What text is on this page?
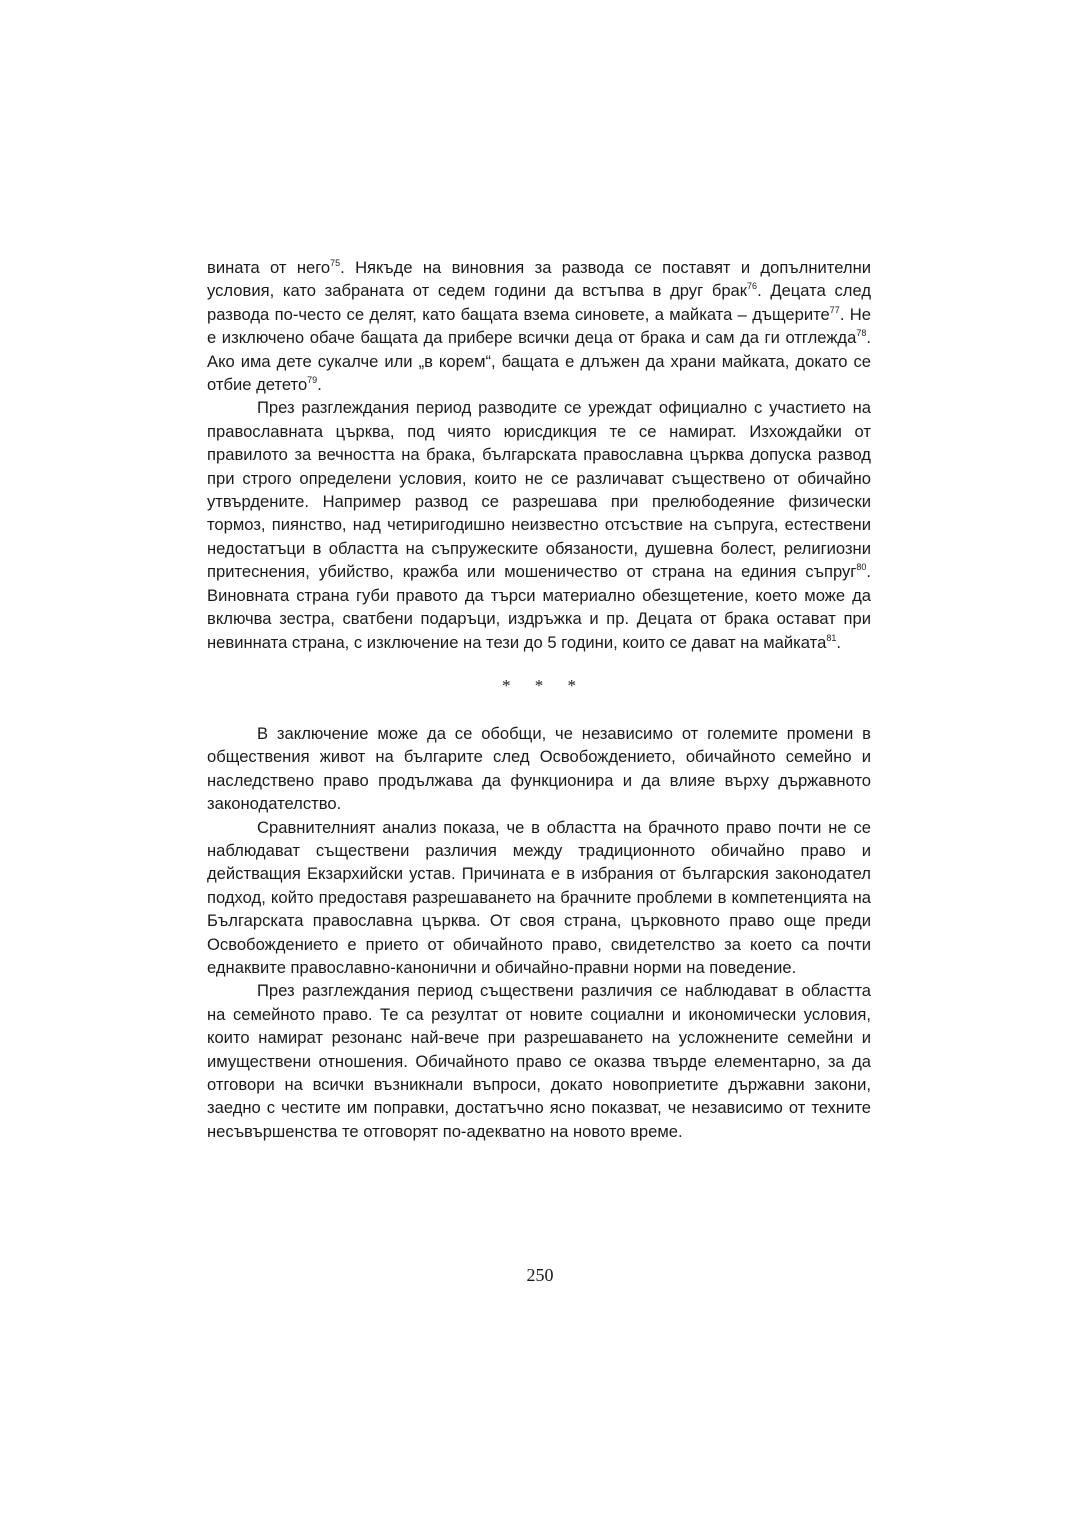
вината от него$^{75}$. Някъде на виновния за развода се поставят и допълнителни условия, като забраната от седем години да встъпва в друг брак$^{76}$. Децата след развода по-често се делят, като бащата взема синовете, а майката – дъщерите$^{77}$. Не е изключено обаче бащата да прибере всички деца от брака и сам да ги отглежда$^{78}$. Ако има дете сукалче или „в корем“, бащата е длъжен да храни майката, докато се отбие детето$^{79}$.

През разглеждания период разводите се уреждат официално с участието на православната църква, под чиято юрисдикция те се намират. Изхождайки от правилото за вечността на брака, българската православна църква допуска развод при строго определени условия, които не се различават съществено от обичайно утвърдените. Например развод се разрешава при прелюбодеяние физически тормоз, пиянство, над четиригодишно неизвестно отсъствие на съпруга, естествени недостатъци в областта на съпружеските обязаности, душевна болест, религиозни притеснения, убийство, кражба или мошеничество от страна на единия съпруг$^{80}$. Виновната страна губи правото да търси материално обезщетение, което може да включва зестра, сватбени подаръци, издръжка и пр. Децата от брака остават при невинната страна, с изключение на тези до 5 години, които се дават на майката$^{81}$.

* * *

В заключение може да се обобщи, че независимо от големите промени в обществения живот на българите след Освобождението, обичайното семейно и наследствено право продължава да функционира и да влияе върху държавното законодателство.

Сравнителният анализ показа, че в областта на брачното право почти не се наблюдават съществени различия между традиционното обичайно право и действащия Екзархийски устав. Причината е в избрания от българския законодател подход, който предоставя разрешаването на брачните проблеми в компетенцията на Българската православна църква. От своя страна, църковното право още преди Освобождението е прието от обичайното право, свидетелство за което са почти еднаквите православно-канонични и обичайно-правни норми на поведение.

През разглеждания период съществени различия се наблюдават в областта на семейното право. Те са резултат от новите социални и икономически условия, които намират резонанс най-вече при разрешаването на усложнените семейни и имуществени отношения. Обичайното право се оказва твърде елементарно, за да отговори на всички възникнали въпроси, докато новоприетите държавни закони, заедно с честите им поправки, достатъчно ясно показват, че независимо от техните несъвършенства те отговорят по-адекватно на новото време.

250
